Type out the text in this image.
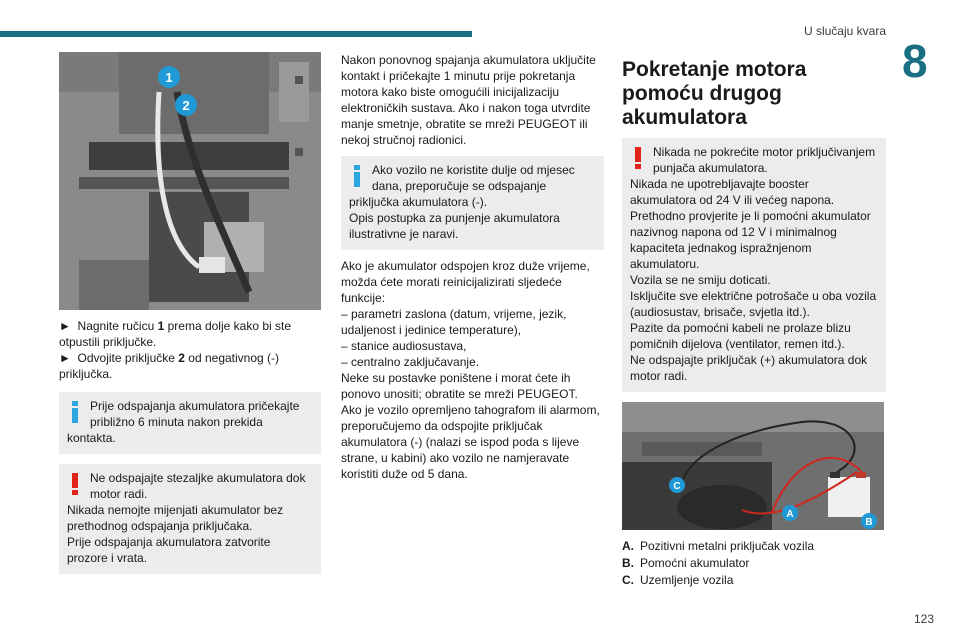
U slučaju kvara
8
1
2
►  Nagnite ručicu 1 prema dolje kako bi ste otpustili priključke.
►  Odvojite priključke 2 od negativnog (-) priključka.
Prije odspajanja akumulatora pričekajte približno 6 minuta nakon prekida
kontakta.
Ne odspajajte stezaljke akumulatora dok motor radi.
Nikada nemojte mijenjati akumulator bez prethodnog odspajanja priključaka.
Prije odspajanja akumulatora zatvorite prozore i vrata.
Nakon ponovnog spajanja akumulatora uključite kontakt i pričekajte 1 minutu prije pokretanja motora kako biste omogućili inicijalizaciju elektroničkih sustava. Ako i nakon toga utvrdite manje smetnje, obratite se mreži PEUGEOT ili nekoj stručnoj radionici.
Ako vozilo ne koristite dulje od mjesec dana, preporučuje se odspajanje
priključka akumulatora (-).
Opis postupka za punjenje akumulatora ilustrativne je naravi.
Ako je akumulator odspojen kroz duže vrijeme, možda ćete morati reinicijalizirati sljedeće funkcije:
– parametri zaslona (datum, vrijeme, jezik, udaljenost i jedinice temperature),
– stanice audiosustava,
– centralno zaključavanje.
Neke su postavke poništene i morat ćete ih ponovo unositi; obratite se mreži PEUGEOT.
Ako je vozilo opremljeno tahografom ili alarmom, preporučujemo da odspojite priključak akumulatora (-) (nalazi se ispod poda s lijeve strane, u kabini) ako vozilo ne namjeravate koristiti duže od 5 dana.
Pokretanje motora pomoću drugog akumulatora
Nikada ne pokrećite motor priključivanjem punjača akumulatora.
Nikada ne upotrebljavajte booster akumulatora od 24 V ili većeg napona.
Prethodno provjerite je li pomoćni akumulator nazivnog napona od 12 V i minimalnog kapaciteta jednakog ispražnjenom akumulatoru.
Vozila se ne smiju doticati.
Isključite sve električne potrošače u oba vozila (audiosustav, brisače, svjetla itd.).
Pazite da pomoćni kabeli ne prolaze blizu pomičnih dijelova (ventilator, remen itd.).
Ne odspajajte priključak (+) akumulatora dok motor radi.
C
A
B
A. Pozitivni metalni priključak vozila
B. Pomoćni akumulator
C. Uzemljenje vozila
123
